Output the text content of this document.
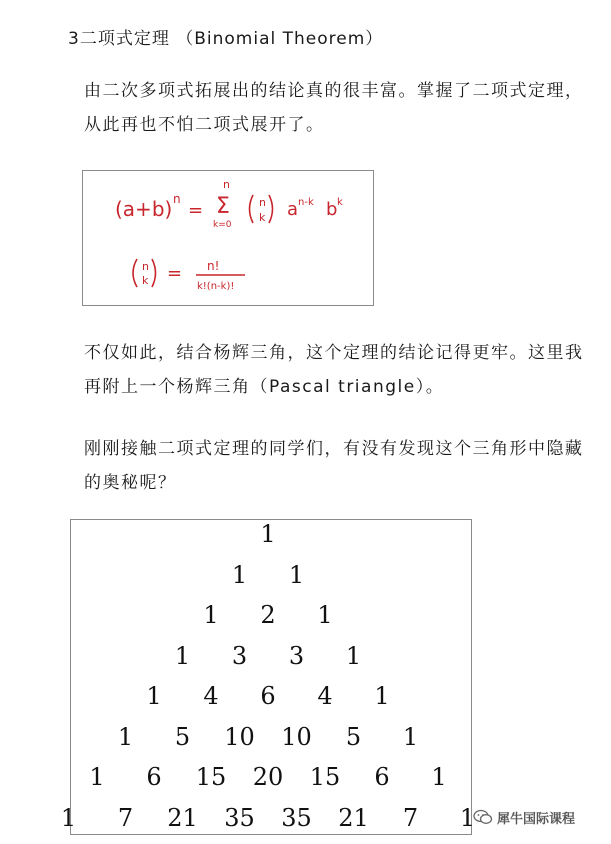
3二项式定理 （Binomial Theorem）

由二次多项式拓展出的结论真的很丰富。掌握了二项式定理，从此再也不怕二项式展开了。

(a+b) n
=
n
Σ
k=0
n
k a n-k b k
n
k = n!
k!(n-k)!

不仅如此，结合杨辉三角，这个定理的结论记得更牢。这里我再附上一个杨辉三角（Pascal triangle）。

刚刚接触二项式定理的同学们，有没有发现这个三角形中隐藏的奥秘呢？

1
1 1
1 2 1
1 3 3 1
1 4 6 4 1
1 5 10 10 5 1
1 6 15 20 15 6 1
1 7 21 35 35 21 7 1 犀牛国际课程
